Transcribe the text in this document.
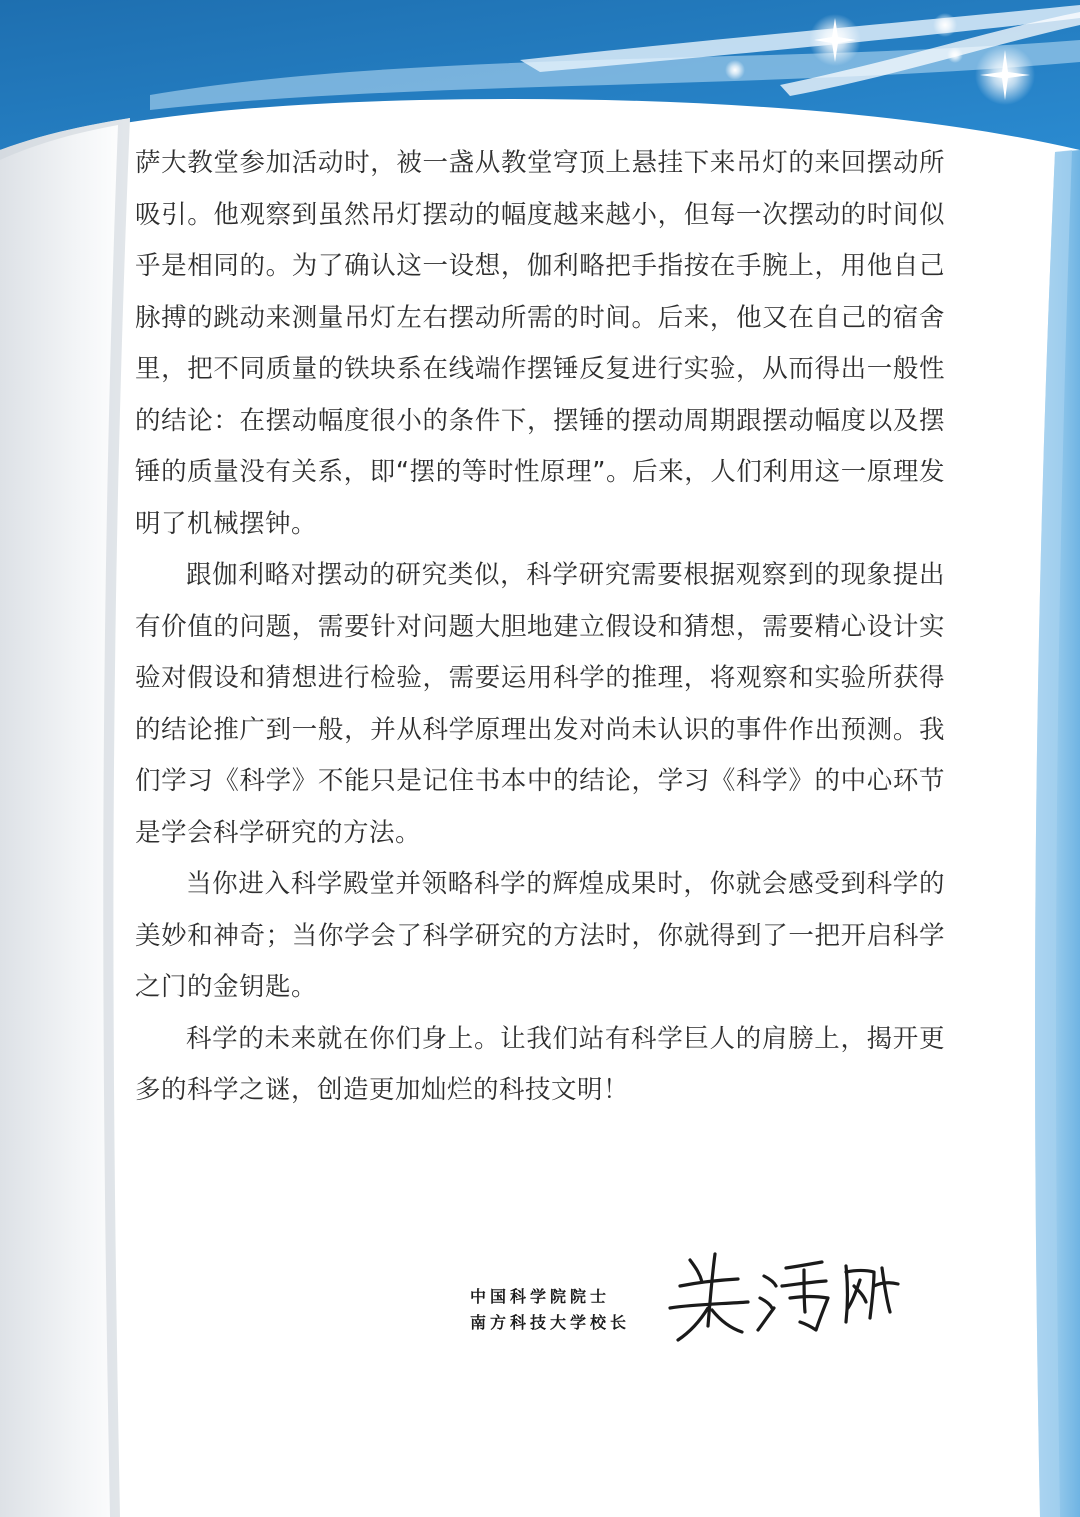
萨大教堂参加活动时，被一盏从教堂穹顶上悬挂下来吊灯的来回摆动所吸引。他观察到虽然吊灯摆动的幅度越来越小，但每一次摆动的时间似乎是相同的。为了确认这一设想，伽利略把手指按在手腕上，用他自己脉搏的跳动来测量吊灯左右摆动所需的时间。后来，他又在自己的宿舍里，把不同质量的铁块系在线端作摆锤反复进行实验，从而得出一般性的结论：在摆动幅度很小的条件下，摆锤的摆动周期跟摆动幅度以及摆锤的质量没有关系，即“摆的等时性原理”。后来，人们利用这一原理发明了机械摆钟。

跟伽利略对摆动的研究类似，科学研究需要根据观察到的现象提出有价值的问题，需要针对问题大胆地建立假设和猜想，需要精心设计实验对假设和猜想进行检验，需要运用科学的推理，将观察和实验所获得的结论推广到一般，并从科学原理出发对尚未认识的事件作出预测。我们学习《科学》不能只是记住书本中的结论，学习《科学》的中心环节是学会科学研究的方法。

当你进入科学殿堂并领略科学的辉煌成果时，你就会感受到科学的美妙和神奇；当你学会了科学研究的方法时，你就得到了一把开启科学之门的金钥匙。

科学的未来就在你们身上。让我们站有科学巨人的肩膀上，揭开更多的科学之谜，创造更加灿烂的科技文明！

中国科学院院士
南方科技大学校长
